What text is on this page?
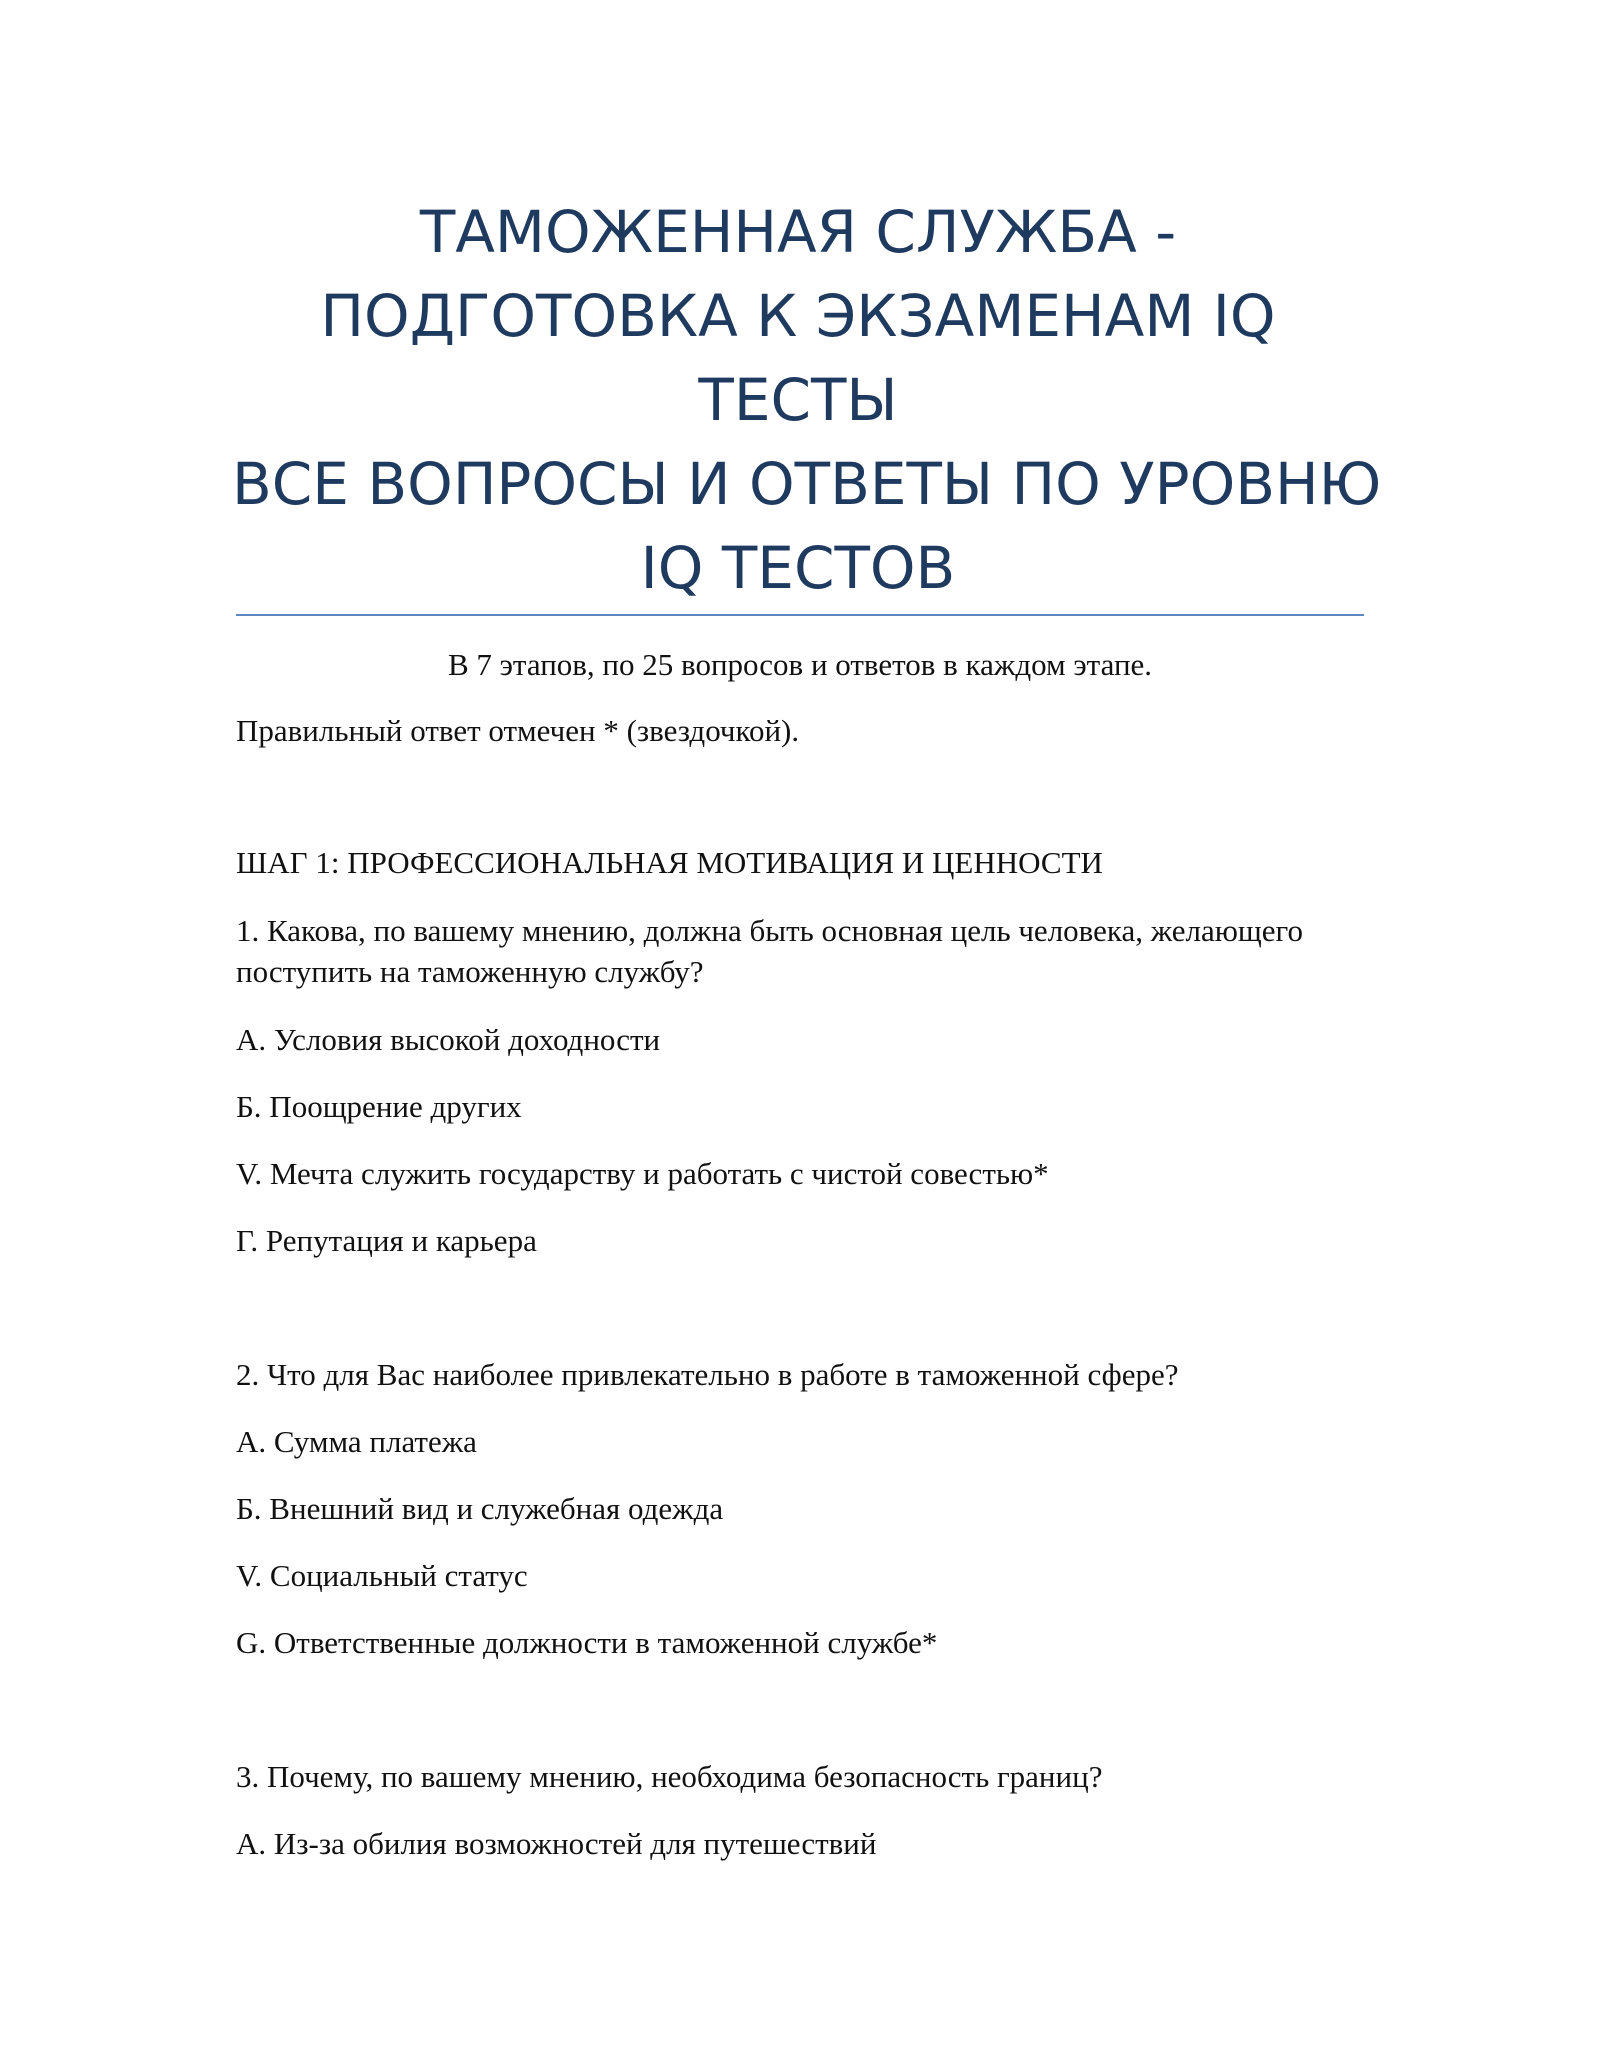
ТАМОЖЕННАЯ СЛУЖБА -
ПОДГОТОВКА К ЭКЗАМЕНАМ IQ
ТЕСТЫ
ВСЕ ВОПРОСЫ И ОТВЕТЫ ПО УРОВНЮ
IQ ТЕСТОВ
В 7 этапов, по 25 вопросов и ответов в каждом этапе.
Правильный ответ отмечен * (звездочкой).
ШАГ 1: ПРОФЕССИОНАЛЬНАЯ МОТИВАЦИЯ И ЦЕННОСТИ
1. Какова, по вашему мнению, должна быть основная цель человека, желающего
поступить на таможенную службу?
A. Условия высокой доходности
Б. Поощрение других
V. Мечта служить государству и работать с чистой совестью*
Г. Репутация и карьера
2. Что для Вас наиболее привлекательно в работе в таможенной сфере?
A. Сумма платежа
Б. Внешний вид и служебная одежда
V. Социальный статус
G. Ответственные должности в таможенной службе*
3. Почему, по вашему мнению, необходима безопасность границ?
A. Из-за обилия возможностей для путешествий
